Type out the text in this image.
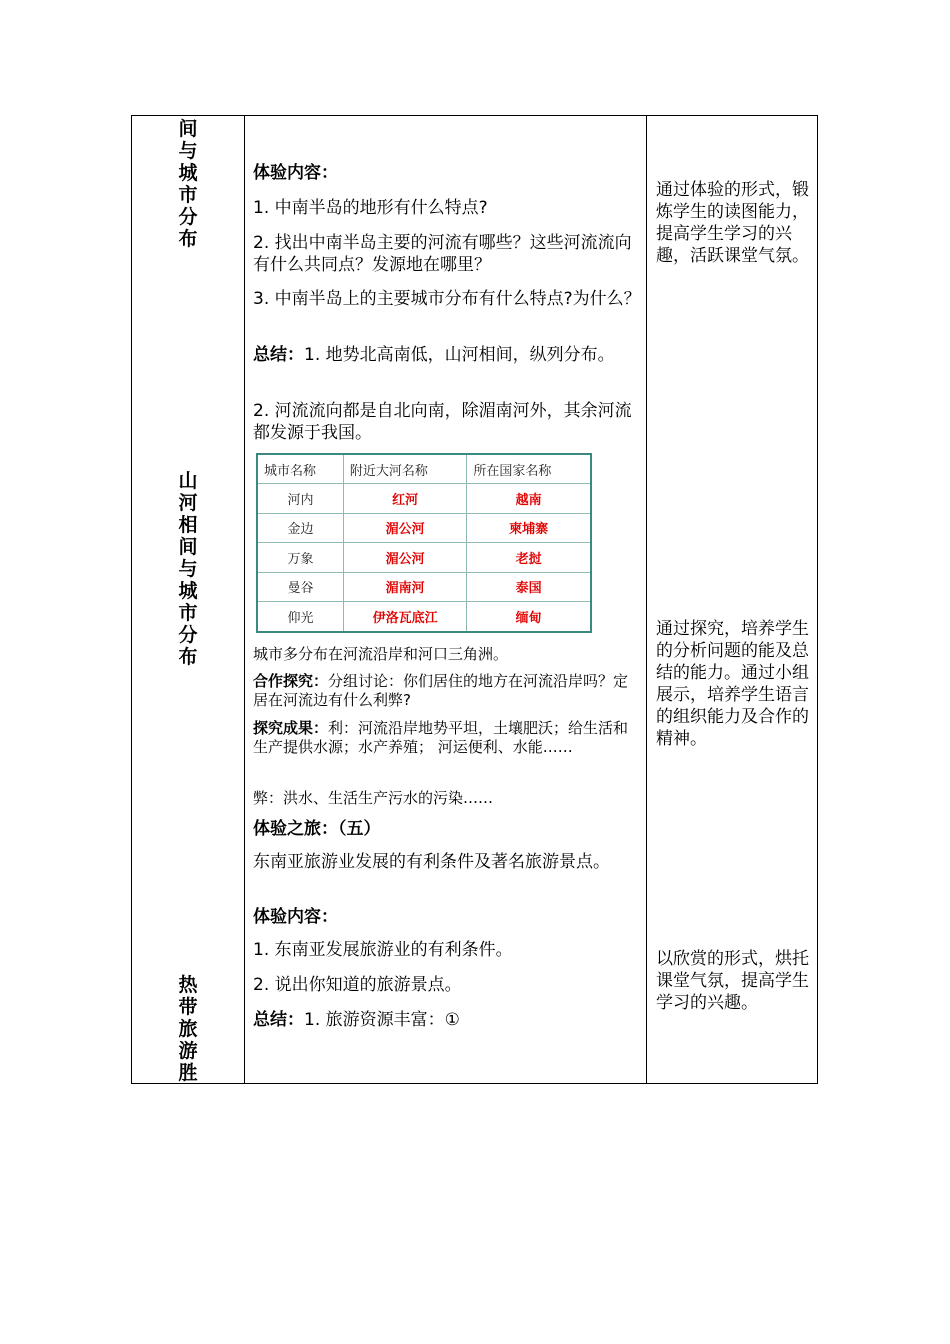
间
与
城
市
分
布
山
河
相
间
与
城
市
分
布
热
带
旅
游
胜
体验内容：
1. 中南半岛的地形有什么特点?
2. 找出中南半岛主要的河流有哪些？这些河流流向有什么共同点？发源地在哪里？
3. 中南半岛上的主要城市分布有什么特点?为什么？
总结：1. 地势北高南低，山河相间，纵列分布。
2. 河流流向都是自北向南，除湄南河外，其余河流都发源于我国。
城市多分布在河流沿岸和河口三角洲。
合作探究：分组讨论：你们居住的地方在河流沿岸吗？定居在河流边有什么利弊?
探究成果：利：河流沿岸地势平坦，土壤肥沃；给生活和生产提供水源；水产养殖； 河运便利、水能……
弊：洪水、生活生产污水的污染……
体验之旅：（五）
东南亚旅游业发展的有利条件及著名旅游景点。
体验内容：
1. 东南亚发展旅游业的有利条件。
2. 说出你知道的旅游景点。
总结：1. 旅游资源丰富：①
城市名称	附近大河名称	所在国家名称
河内	红河	越南
金边	湄公河	柬埔寨
万象	湄公河	老挝
曼谷	湄南河	泰国
仰光	伊洛瓦底江	缅甸
通过体验的形式，锻炼学生的读图能力，提高学生学习的兴趣，活跃课堂气氛。
通过探究，培养学生的分析问题的能及总结的能力。通过小组展示，培养学生语言的组织能力及合作的精神。
以欣赏的形式，烘托课堂气氛，提高学生学习的兴趣。
